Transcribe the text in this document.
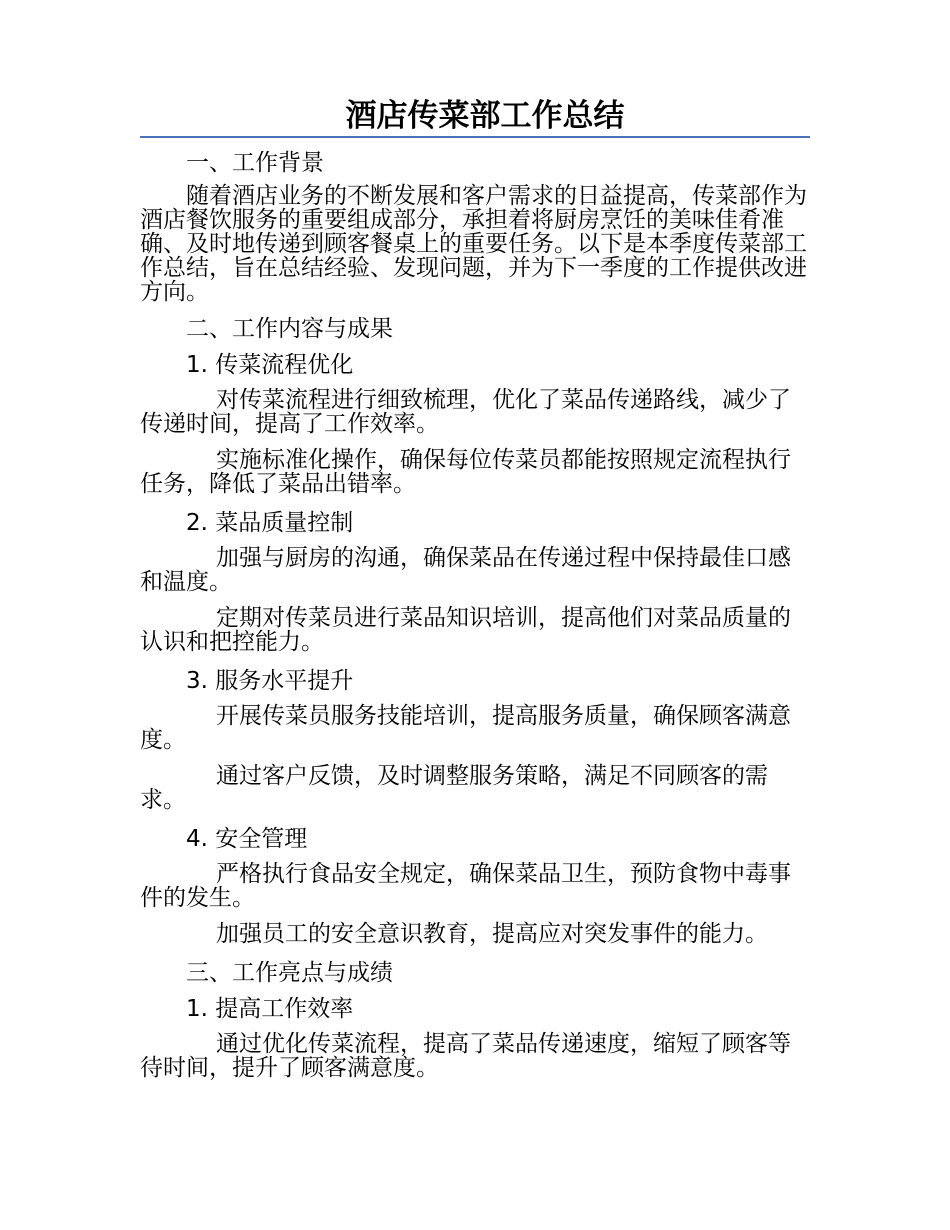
酒店传菜部工作总结
一、工作背景

随着酒店业务的不断发展和客户需求的日益提高，传菜部作为酒店餐饮服务的重要组成部分，承担着将厨房烹饪的美味佳肴准确、及时地传递到顾客餐桌上的重要任务。以下是本季度传菜部工作总结，旨在总结经验、发现问题，并为下一季度的工作提供改进方向。

二、工作内容与成果
1. 传菜流程优化

对传菜流程进行细致梳理，优化了菜品传递路线，减少了传递时间，提高了工作效率。

实施标准化操作，确保每位传菜员都能按照规定流程执行任务，降低了菜品出错率。

2. 菜品质量控制

加强与厨房的沟通，确保菜品在传递过程中保持最佳口感和温度。

定期对传菜员进行菜品知识培训，提高他们对菜品质量的认识和把控能力。

3. 服务水平提升

开展传菜员服务技能培训，提高服务质量，确保顾客满意度。

通过客户反馈，及时调整服务策略，满足不同顾客的需求。

4. 安全管理

严格执行食品安全规定，确保菜品卫生，预防食物中毒事件的发生。

加强员工的安全意识教育，提高应对突发事件的能力。

三、工作亮点与成绩
1. 提高工作效率

通过优化传菜流程，提高了菜品传递速度，缩短了顾客等待时间，提升了顾客满意度。
